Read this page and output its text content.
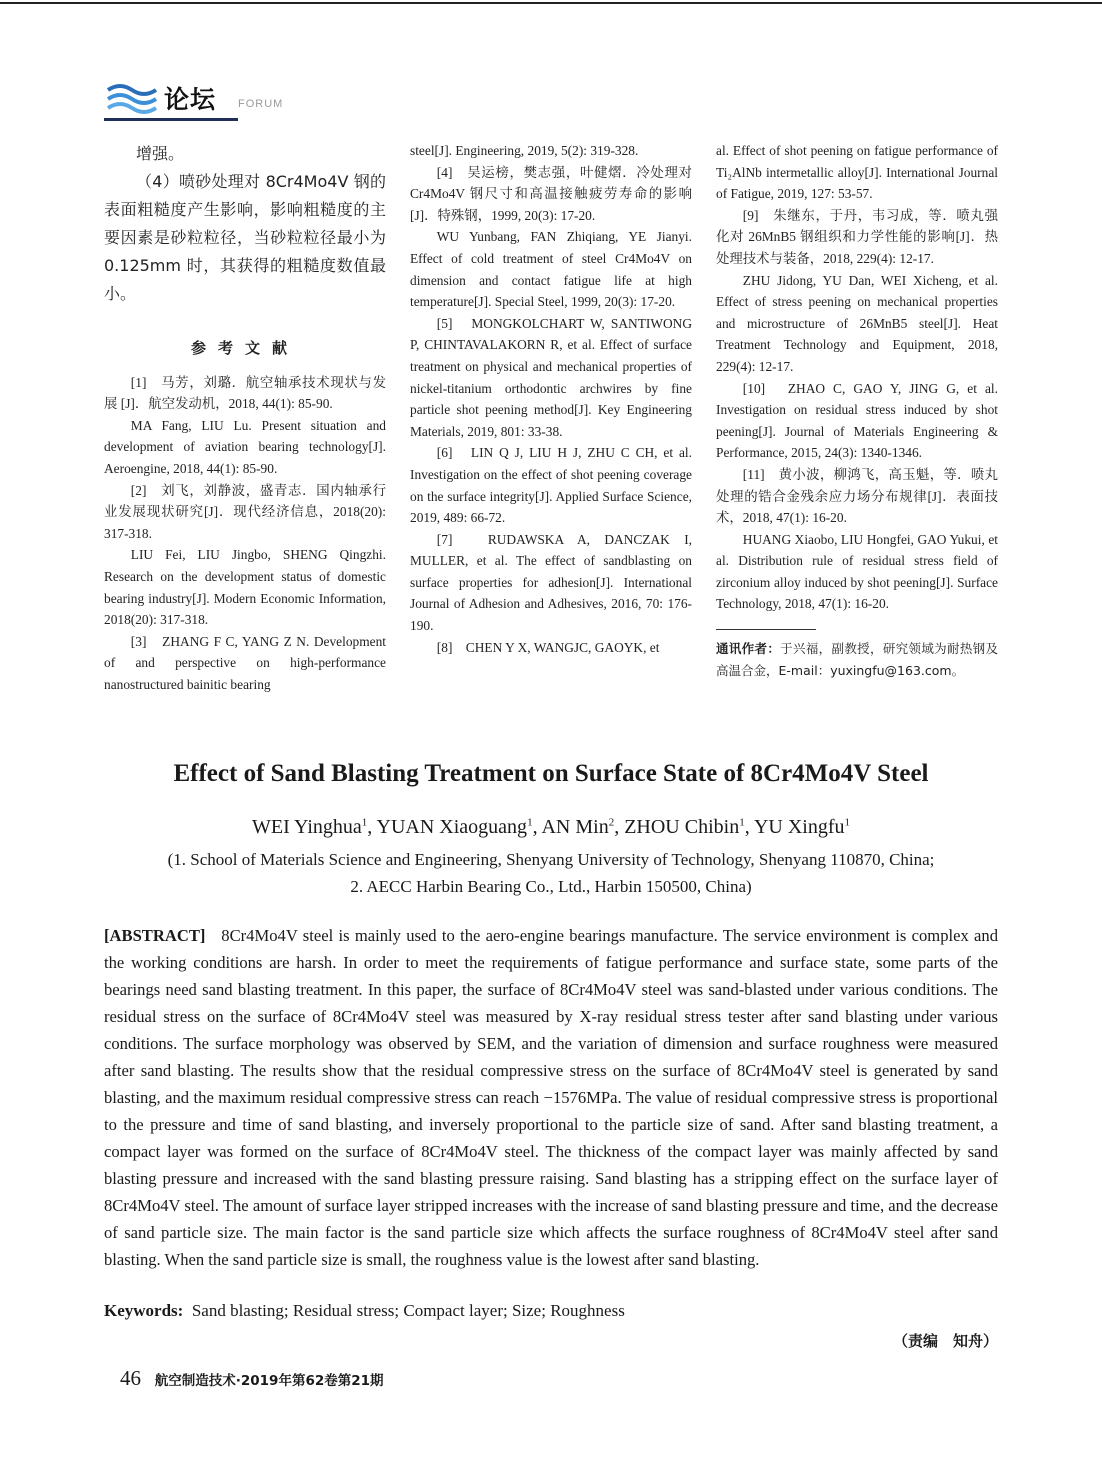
论坛 FORUM

增强。

（4）喷砂处理对 8Cr4Mo4V 钢的表面粗糙度产生影响，影响粗糙度的主要因素是砂粒粒径，当砂粒粒径最小为 0.125mm 时，其获得的粗糙度数值最小。

参考文献

[1]　马芳，刘璐．航空轴承技术现状与发展 [J]．航空发动机，2018, 44(1): 85-90.

MA Fang, LIU Lu. Present situation and development of aviation bearing technology[J]. Aeroengine, 2018, 44(1): 85-90.

[2]　刘飞，刘静波，盛青志．国内轴承行业发展现状研究[J]．现代经济信息，2018(20): 317-318.

LIU Fei, LIU Jingbo, SHENG Qingzhi. Research on the development status of domestic bearing industry[J]. Modern Economic Information, 2018(20): 317-318.

[3]　ZHANG F C, YANG Z N. Development of and perspective on high-performance nanostructured bainitic bearing

steel[J]. Engineering, 2019, 5(2): 319-328.

[4]　吴运榜，樊志强，叶健熠．冷处理对 Cr4Mo4V 钢尺寸和高温接触疲劳寿命的影响[J]．特殊钢，1999, 20(3): 17-20.

WU Yunbang, FAN Zhiqiang, YE Jianyi. Effect of cold treatment of steel Cr4Mo4V on dimension and contact fatigue life at high temperature[J]. Special Steel, 1999, 20(3): 17-20.

[5]　MONGKOLCHART W, SANTIWONG P, CHINTAVALAKORN R, et al. Effect of surface treatment on physical and mechanical properties of nickel-titanium orthodontic archwires by fine particle shot peening method[J]. Key Engineering Materials, 2019, 801: 33-38.

[6]　LIN Q J, LIU H J, ZHU C CH, et al. Investigation on the effect of shot peening coverage on the surface integrity[J]. Applied Surface Science, 2019, 489: 66-72.

[7]　RUDAWSKA A, DANCZAK I, MULLER, et al. The effect of sandblasting on surface properties for adhesion[J]. International Journal of Adhesion and Adhesives, 2016, 70: 176-190.

[8]　CHEN Y X, WANGJC, GAOYK, et

al. Effect of shot peening on fatigue performance of Ti₂AlNb intermetallic alloy[J]. International Journal of Fatigue, 2019, 127: 53-57.

[9]　朱继东，于丹，韦习成，等．喷丸强化对 26MnB5 钢组织和力学性能的影响[J]．热处理技术与装备，2018, 229(4): 12-17.

ZHU Jidong, YU Dan, WEI Xicheng, et al. Effect of stress peening on mechanical properties and microstructure of 26MnB5 steel[J]. Heat Treatment Technology and Equipment, 2018, 229(4): 12-17.

[10]　ZHAO C, GAO Y, JING G, et al. Investigation on residual stress induced by shot peening[J]. Journal of Materials Engineering & Performance, 2015, 24(3): 1340-1346.

[11]　黄小波，柳鸿飞，高玉魁，等．喷丸处理的锆合金残余应力场分布规律[J]．表面技术，2018, 47(1): 16-20.

HUANG Xiaobo, LIU Hongfei, GAO Yukui, et al. Distribution rule of residual stress field of zirconium alloy induced by shot peening[J]. Surface Technology, 2018, 47(1): 16-20.

通讯作者：于兴福，副教授，研究领域为耐热钢及高温合金，E-mail：yuxingfu@163.com。
Effect of Sand Blasting Treatment on Surface State of 8Cr4Mo4V Steel
WEI Yinghua$^1$, YUAN Xiaoguang$^1$, AN Min$^2$, ZHOU Chibin$^1$, YU Xingfu$^1$
(1. School of Materials Science and Engineering, Shenyang University of Technology, Shenyang 110870, China;
2. AECC Harbin Bearing Co., Ltd., Harbin 150500, China)
[ABSTRACT] 8Cr4Mo4V steel is mainly used to the aero-engine bearings manufacture. The service environment is complex and the working conditions are harsh. In order to meet the requirements of fatigue performance and surface state, some parts of the bearings need sand blasting treatment. In this paper, the surface of 8Cr4Mo4V steel was sand-blasted under various conditions. The residual stress on the surface of 8Cr4Mo4V steel was measured by X-ray residual stress tester after sand blasting under various conditions. The surface morphology was observed by SEM, and the variation of dimension and surface roughness were measured after sand blasting. The results show that the residual compressive stress on the surface of 8Cr4Mo4V steel is generated by sand blasting, and the maximum residual compressive stress can reach −1576MPa. The value of residual compressive stress is proportional to the pressure and time of sand blasting, and inversely proportional to the particle size of sand. After sand blasting treatment, a compact layer was formed on the surface of 8Cr4Mo4V steel. The thickness of the compact layer was mainly affected by sand blasting pressure and increased with the sand blasting pressure raising. Sand blasting has a stripping effect on the surface layer of 8Cr4Mo4V steel. The amount of surface layer stripped increases with the increase of sand blasting pressure and time, and the decrease of sand particle size. The main factor is the sand particle size which affects the surface roughness of 8Cr4Mo4V steel after sand blasting. When the sand particle size is small, the roughness value is the lowest after sand blasting.
Keywords: Sand blasting; Residual stress; Compact layer; Size; Roughness
（责编　知舟）
46 航空制造技术·2019年第62卷第21期
